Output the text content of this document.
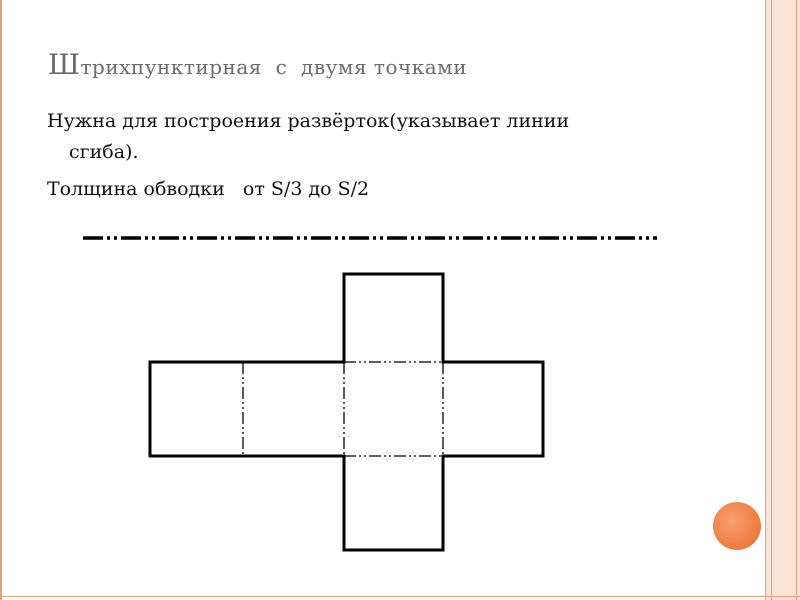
Штрихпунктирная  с  двумя точками
Нужна для построения развёрток(указывает линии
сгиба).
Толщина обводки   от S/3 до S/2
